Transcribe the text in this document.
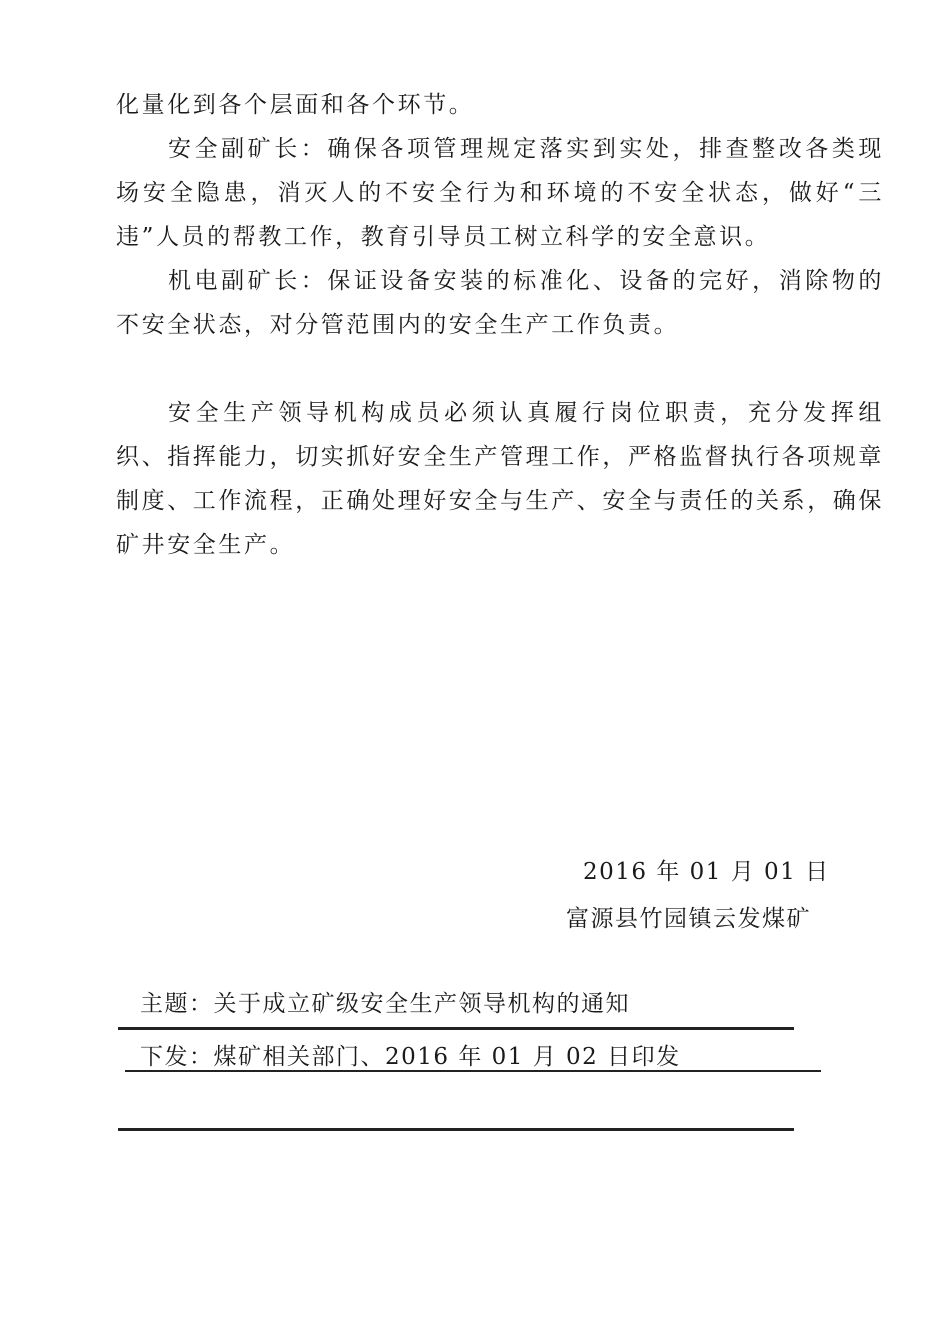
化量化到各个层面和各个环节。

安全副矿长：确保各项管理规定落实到实处，排查整改各类现场安全隐患，消灭人的不安全行为和环境的不安全状态，做好“三违”人员的帮教工作，教育引导员工树立科学的安全意识。

机电副矿长：保证设备安装的标准化、设备的完好，消除物的不安全状态，对分管范围内的安全生产工作负责。

安全生产领导机构成员必须认真履行岗位职责，充分发挥组织、指挥能力，切实抓好安全生产管理工作，严格监督执行各项规章制度、工作流程，正确处理好安全与生产、安全与责任的关系，确保矿井安全生产。

2016 年 01 月 01 日
富源县竹园镇云发煤矿
主题：关于成立矿级安全生产领导机构的通知
下发：煤矿相关部门、2016 年 01 月 02 日印发
